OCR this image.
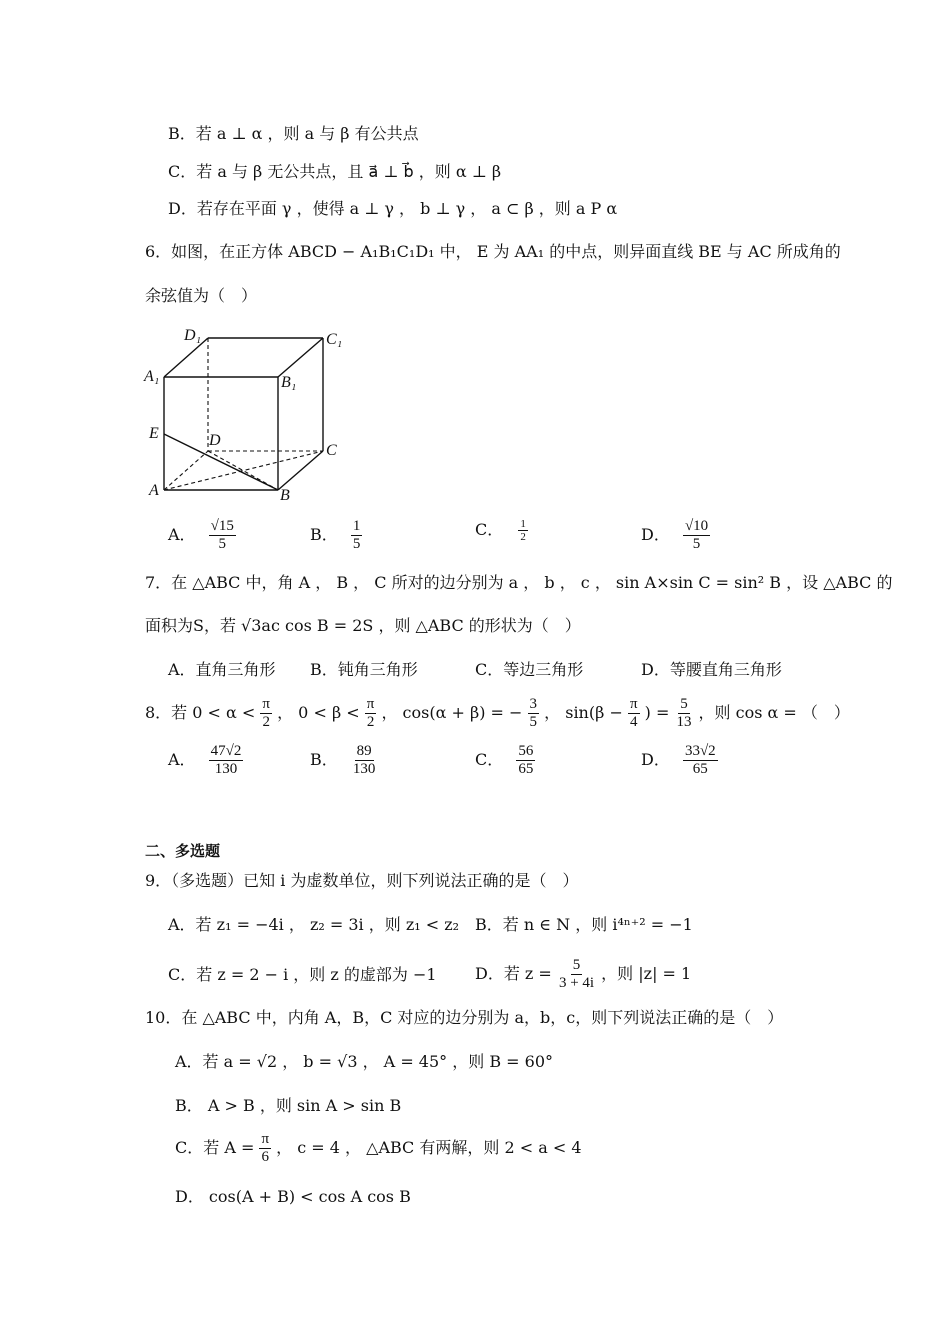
B．若 a ⊥ α ，则 a 与 β 有公共点
C．若 a 与 β 无公共点，且 a⃗ ⊥ b⃗ ，则 α ⊥ β
D．若存在平面 γ ，使得 a ⊥ γ ， b ⊥ γ ， a ⊂ β ，则 a P α
6．如图，在正方体 ABCD − A₁B₁C₁D₁ 中， E 为 AA₁ 的中点，则异面直线 BE 与 AC 所成角的
余弦值为（　）
D₁	C₁
A₁	B₁
E	D
C
A	B
A． $\frac{√15}{5}$	B． $\frac{1}{5}$	C． $\frac{1}{2}$	D． $\frac{√10}{5}$
7．在 △ABC 中，角 A ， B ， C 所对的边分别为 a ， b ， c ， sin A×sin C = sin² B ，设 △ABC 的
面积为S，若 √3ac cos B = 2S ，则 △ABC 的形状为（　）
A．直角三角形 B．钝角三角形	C．等边三角形	D．等腰直角三角形
8．若 $0 < \alpha < \frac{\pi}{2}$ ， $0 < \beta < \frac{\pi}{2}$ ， cos(α + β) = − $\frac{3}{5}$ ， $\sin(\beta - \frac{\pi}{4}$ ) = $\frac{5}{13}$ ，则 cos α = （　）
A． $\frac{47√2}{130}$	B． $\frac{89}{130}$	C． $\frac{56}{65}$	D． $\frac{33√2}{65}$
二、多选题
9．（多选题）已知 i 为虚数单位，则下列说法正确的是（　）
A．若 z₁ = −4i ， z₂ = 3i ，则 z₁ < z₂ B．若 n ∈ N ，则 i⁴ⁿ⁺² = −1
C．若 z = 2 − i ，则 z 的虚部为 −1 D．若 $z = \frac{5}{3 + 4i}$ ，则 |z| = 1
10．在 △ABC 中，内角 A，B，C 对应的边分别为 a，b，c，则下列说法正确的是（　）
A．若 a = √2 ， b = √3 ， A = 45° ，则 B = 60°
B． A > B ，则 sin A > sin B
C．若 $A = \frac{\pi}{6}$ ， c = 4 ， △ABC 有两解，则 2 < a < 4
D． cos(A + B) < cos A cos B
